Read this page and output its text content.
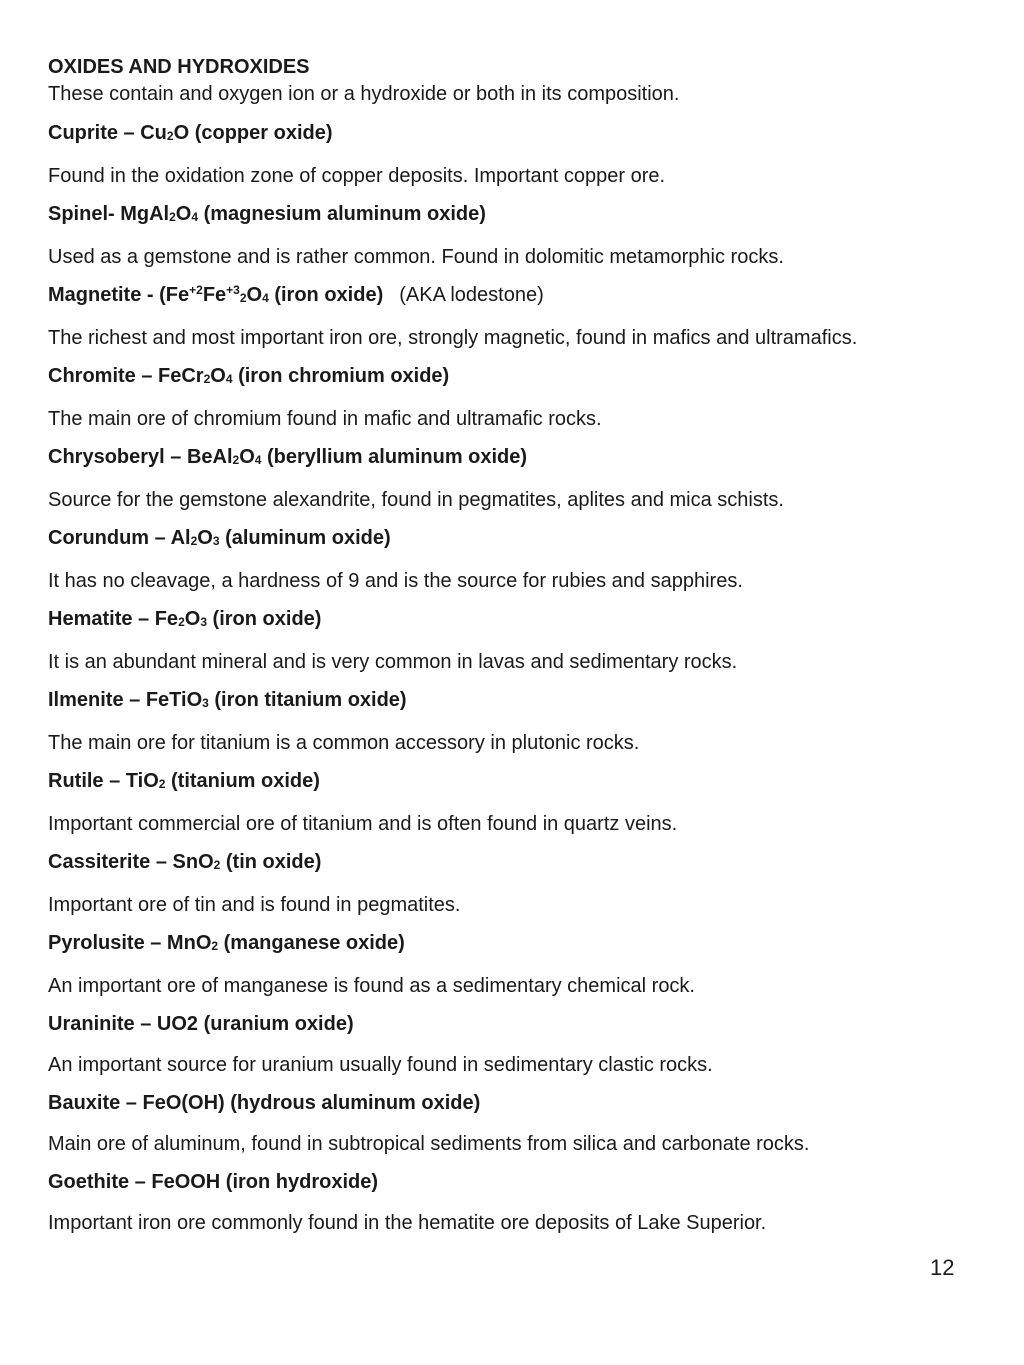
OXIDES AND HYDROXIDES
These contain and oxygen ion or a hydroxide or both in its composition.
Cuprite – $Cu_2O$ (copper oxide)
Found in the oxidation zone of copper deposits. Important copper ore.
Spinel- $MgAl_2O_4$ (magnesium aluminum oxide)
Used as a gemstone and is rather common. Found in dolomitic metamorphic rocks.
Magnetite - ($Fe^{+2}Fe^{+3}_2O_4$ (iron oxide) (AKA lodestone)
The richest and most important iron ore, strongly magnetic, found in mafics and ultramafics.
Chromite – $FeCr_2O_4$ (iron chromium oxide)
The main ore of chromium found in mafic and ultramafic rocks.
Chrysoberyl – $BeAl_2O_4$ (beryllium aluminum oxide)
Source for the gemstone alexandrite, found in pegmatites, aplites and mica schists.
Corundum – $Al_2O_3$ (aluminum oxide)
It has no cleavage, a hardness of 9 and is the source for rubies and sapphires.
Hematite – $Fe_2O_3$ (iron oxide)
It is an abundant mineral and is very common in lavas and sedimentary rocks.
Ilmenite – FeTiO$_3$ (iron titanium oxide)
The main ore for titanium is a common accessory in plutonic rocks.
Rutile – TiO$_2$ (titanium oxide)
Important commercial ore of titanium and is often found in quartz veins.
Cassiterite – SnO$_2$ (tin oxide)
Important ore of tin and is found in pegmatites.
Pyrolusite – MnO$_2$ (manganese oxide)
An important ore of manganese is found as a sedimentary chemical rock.
Uraninite – UO2 (uranium oxide)
An important source for uranium usually found in sedimentary clastic rocks.
Bauxite – FeO(OH) (hydrous aluminum oxide)
Main ore of aluminum, found in subtropical sediments from silica and carbonate rocks.
Goethite – FeOOH (iron hydroxide)
Important iron ore commonly found in the hematite ore deposits of Lake Superior.
12
